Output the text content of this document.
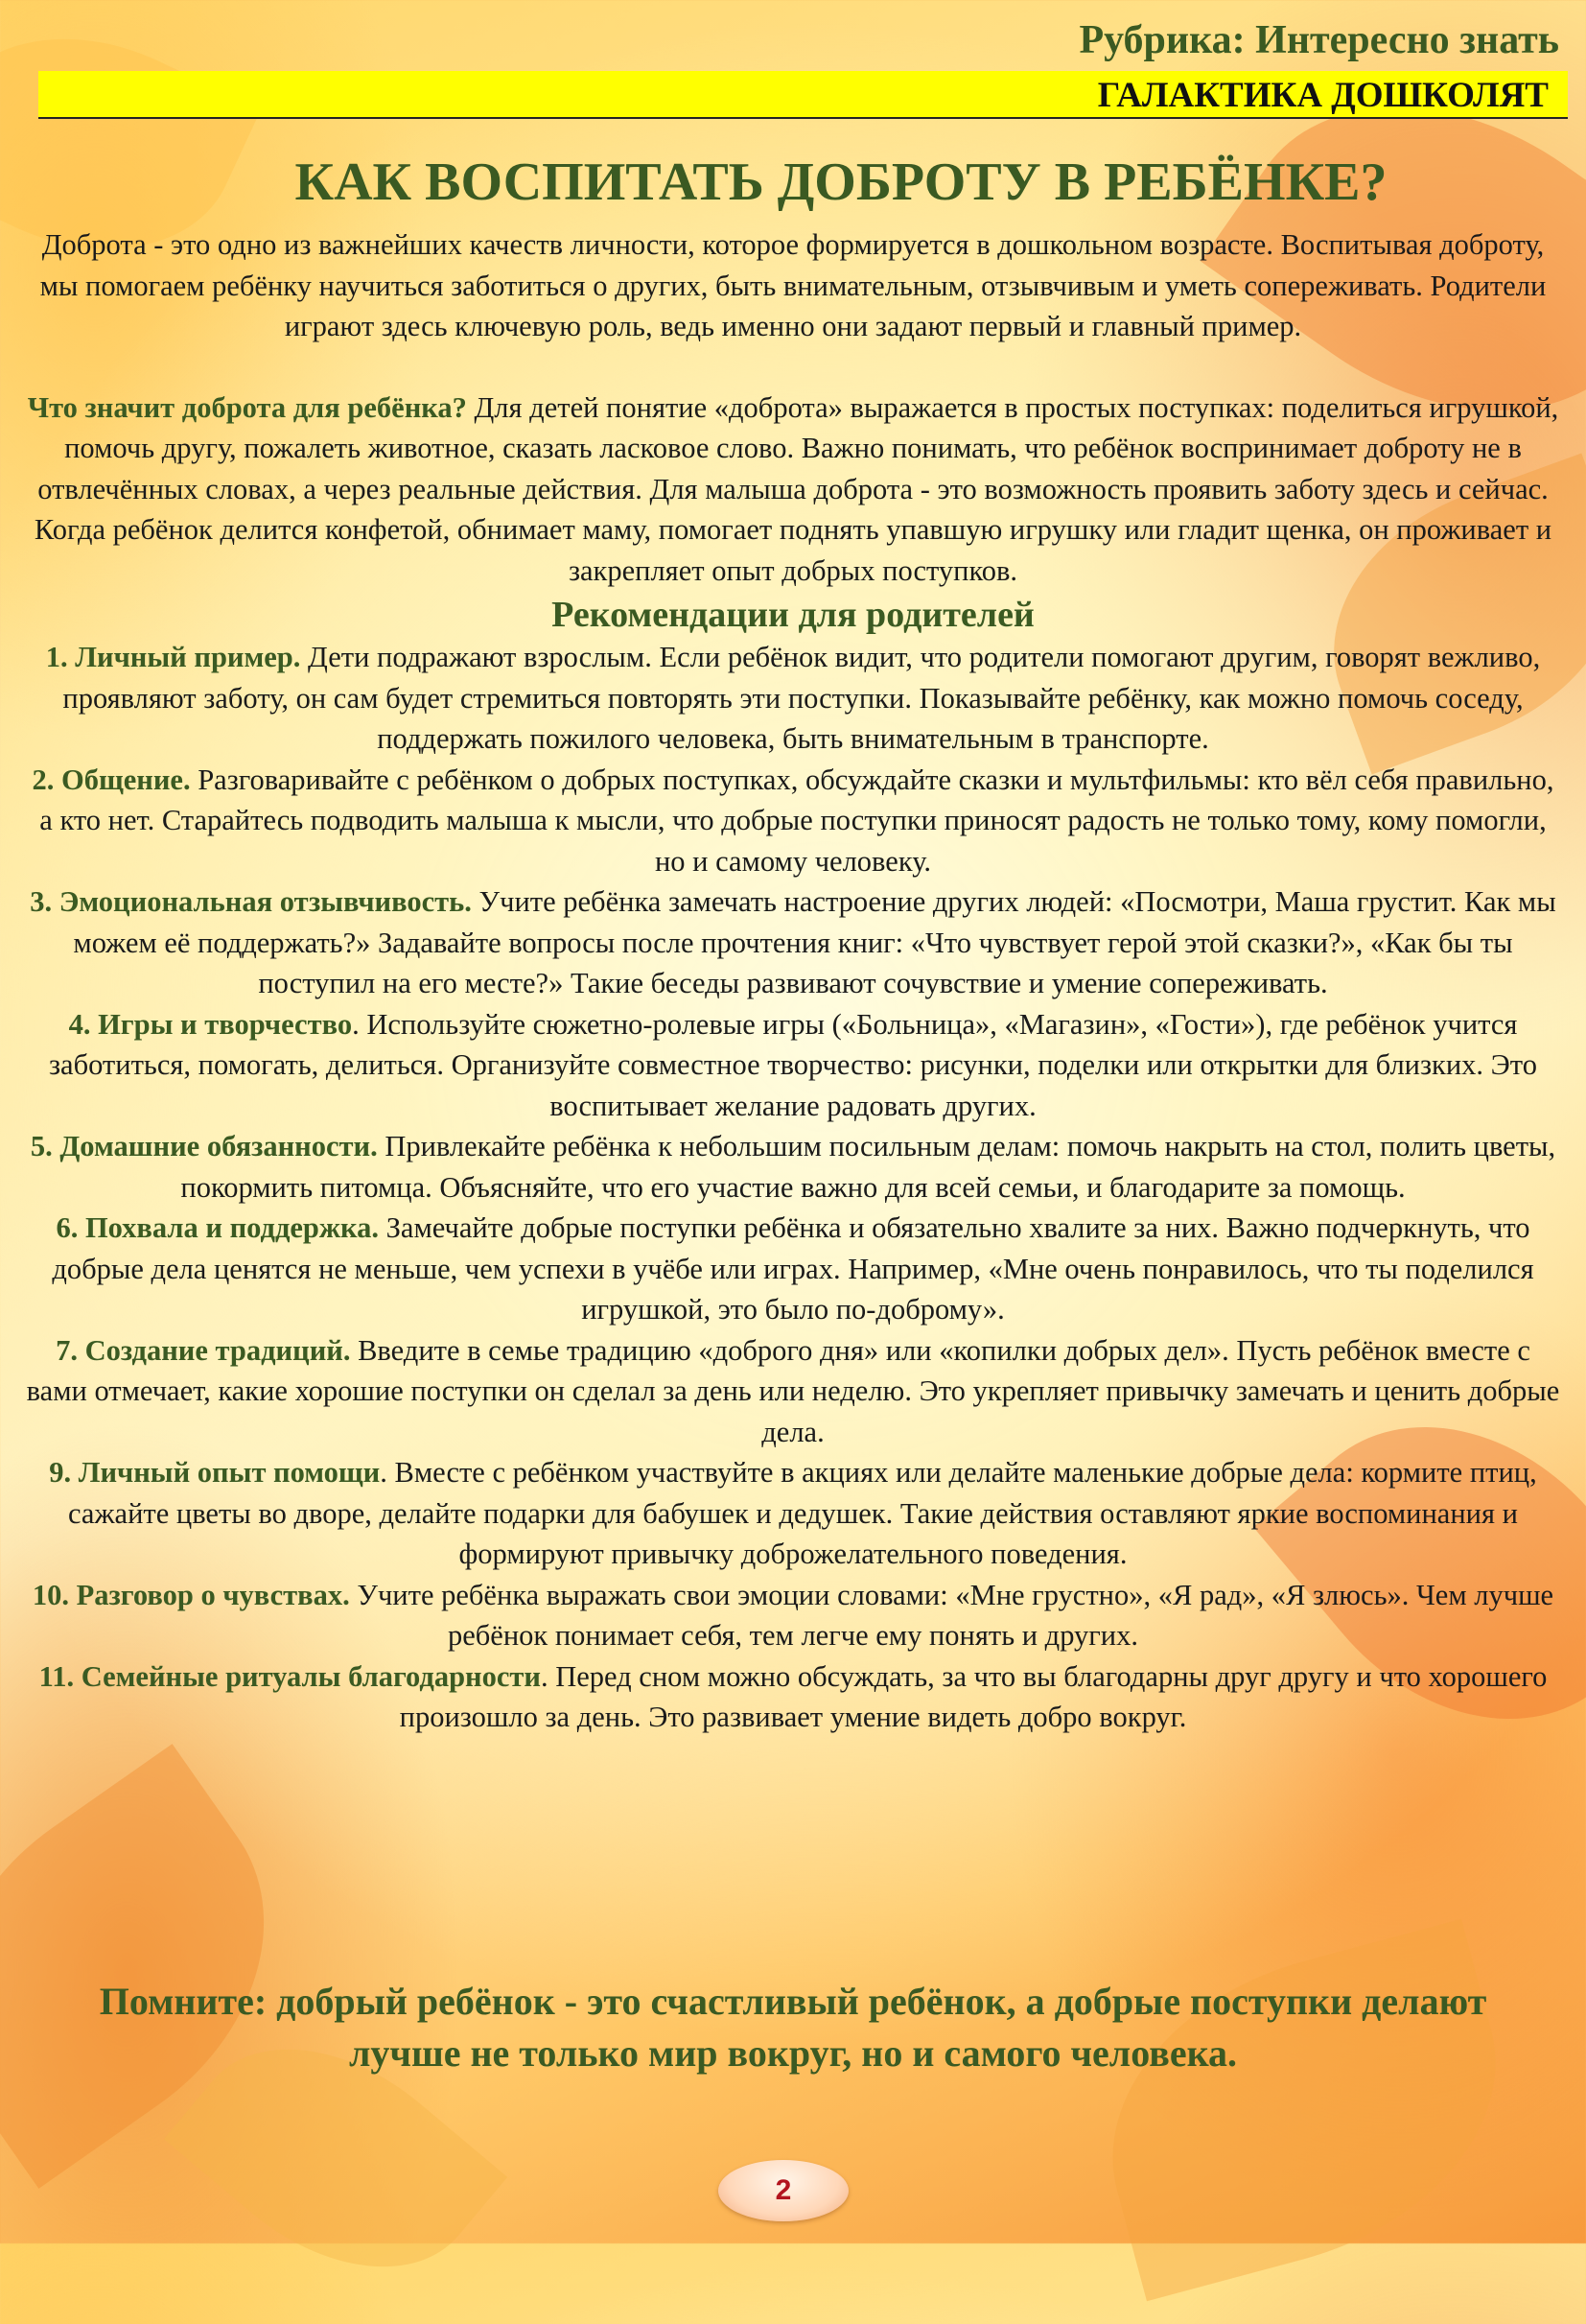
Рубрика: Интересно знать
ГАЛАКТИКА ДОШКОЛЯТ
КАК ВОСПИТАТЬ ДОБРОТУ В РЕБЁНКЕ?

Доброта - это одно из важнейших качеств личности, которое формируется в дошкольном возрасте. Воспитывая доброту, мы помогаем ребёнку научиться заботиться о других, быть внимательным, отзывчивым и уметь сопереживать. Родители играют здесь ключевую роль, ведь именно они задают первый и главный пример.

Что значит доброта для ребёнка? Для детей понятие «доброта» выражается в простых поступках: поделиться игрушкой, помочь другу, пожалеть животное, сказать ласковое слово. Важно понимать, что ребёнок воспринимает доброту не в отвлечённых словах, а через реальные действия. Для малыша доброта - это возможность проявить заботу здесь и сейчас. Когда ребёнок делится конфетой, обнимает маму, помогает поднять упавшую игрушку или гладит щенка, он проживает и закрепляет опыт добрых поступков.

Рекомендации для родителей

1. Личный пример. Дети подражают взрослым. Если ребёнок видит, что родители помогают другим, говорят вежливо, проявляют заботу, он сам будет стремиться повторять эти поступки. Показывайте ребёнку, как можно помочь соседу, поддержать пожилого человека, быть внимательным в транспорте.

2. Общение. Разговаривайте с ребёнком о добрых поступках, обсуждайте сказки и мультфильмы: кто вёл себя правильно, а кто нет. Старайтесь подводить малыша к мысли, что добрые поступки приносят радость не только тому, кому помогли, но и самому человеку.

3. Эмоциональная отзывчивость. Учите ребёнка замечать настроение других людей: «Посмотри, Маша грустит. Как мы можем её поддержать?» Задавайте вопросы после прочтения книг: «Что чувствует герой этой сказки?», «Как бы ты поступил на его месте?» Такие беседы развивают сочувствие и умение сопереживать.

4. Игры и творчество. Используйте сюжетно-ролевые игры («Больница», «Магазин», «Гости»), где ребёнок учится заботиться, помогать, делиться. Организуйте совместное творчество: рисунки, поделки или открытки для близких. Это воспитывает желание радовать других.

5. Домашние обязанности. Привлекайте ребёнка к небольшим посильным делам: помочь накрыть на стол, полить цветы, покормить питомца. Объясняйте, что его участие важно для всей семьи, и благодарите за помощь.

6. Похвала и поддержка. Замечайте добрые поступки ребёнка и обязательно хвалите за них. Важно подчеркнуть, что добрые дела ценятся не меньше, чем успехи в учёбе или играх. Например, «Мне очень понравилось, что ты поделился игрушкой, это было по-доброму».

7. Создание традиций. Введите в семье традицию «доброго дня» или «копилки добрых дел». Пусть ребёнок вместе с вами отмечает, какие хорошие поступки он сделал за день или неделю. Это укрепляет привычку замечать и ценить добрые дела.

9. Личный опыт помощи. Вместе с ребёнком участвуйте в акциях или делайте маленькие добрые дела: кормите птиц, сажайте цветы во дворе, делайте подарки для бабушек и дедушек. Такие действия оставляют яркие воспоминания и формируют привычку доброжелательного поведения.

10. Разговор о чувствах. Учите ребёнка выражать свои эмоции словами: «Мне грустно», «Я рад», «Я злюсь». Чем лучше ребёнок понимает себя, тем легче ему понять и других.

11. Семейные ритуалы благодарности. Перед сном можно обсуждать, за что вы благодарны друг другу и что хорошего произошло за день. Это развивает умение видеть добро вокруг.

Помните: добрый ребёнок - это счастливый ребёнок, а добрые поступки делают лучше не только мир вокруг, но и самого человека.
2
